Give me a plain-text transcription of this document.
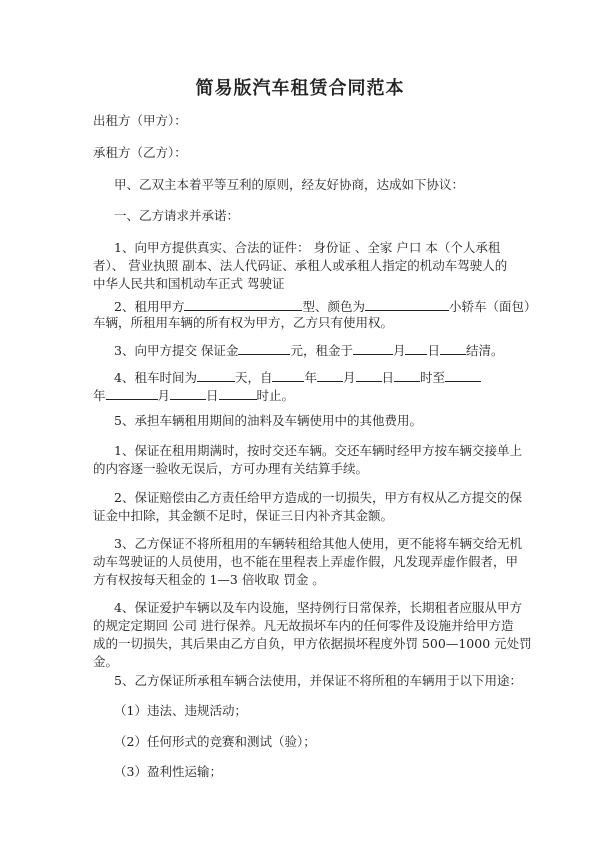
简易版汽车租赁合同范本
出租方（甲方）：
承租方（乙方）：
甲、乙双主本着平等互利的原则，经友好协商，达成如下协议：
一、乙方请求并承诺：
1、向甲方提供真实、合法的证件： 身份证 、全家 户口 本（个人承租
者）、 营业执照 副本、法人代码证、承租人或承租人指定的机动车驾驶人的
中华人民共和国机动车正式 驾驶证
2、租用甲方	型、颜色为	小轿车（面包）
车辆，所租用车辆的所有权为甲方，乙方只有使用权。
3、向甲方提交 保证金	元，租金于	月 日 结清。
4、租车时间为	天，自	年 月 日 时至
年	月	日	时止。
5、承担车辆租用期间的油料及车辆使用中的其他费用。
1、保证在租用期满时，按时交还车辆。交还车辆时经甲方按车辆交接单上
的内容逐一验收无误后，方可办理有关结算手续。
2、保证赔偿由乙方责任给甲方造成的一切损失，甲方有权从乙方提交的保
证金中扣除，其金额不足时，保证三日内补齐其金额。
3、乙方保证不将所租用的车辆转租给其他人使用，更不能将车辆交给无机
动车驾驶证的人员使用，也不能在里程表上弄虚作假，凡发现弄虚作假者，甲
方有权按每天租金的 1—3 倍收取 罚金 。
4、保证爱护车辆以及车内设施，坚持例行日常保养，长期租者应服从甲方
的规定定期回 公司 进行保养。凡无故损坏车内的任何零件及设施并给甲方造
成的一切损失，其后果由乙方自负，甲方依据损坏程度外罚 500—1000 元处罚
金。
5、乙方保证所承租车辆合法使用，并保证不将所租的车辆用于以下用途：
（1）违法、违规活动；
（2）任何形式的竞赛和测试（验）；
（3）盈利性运输；
